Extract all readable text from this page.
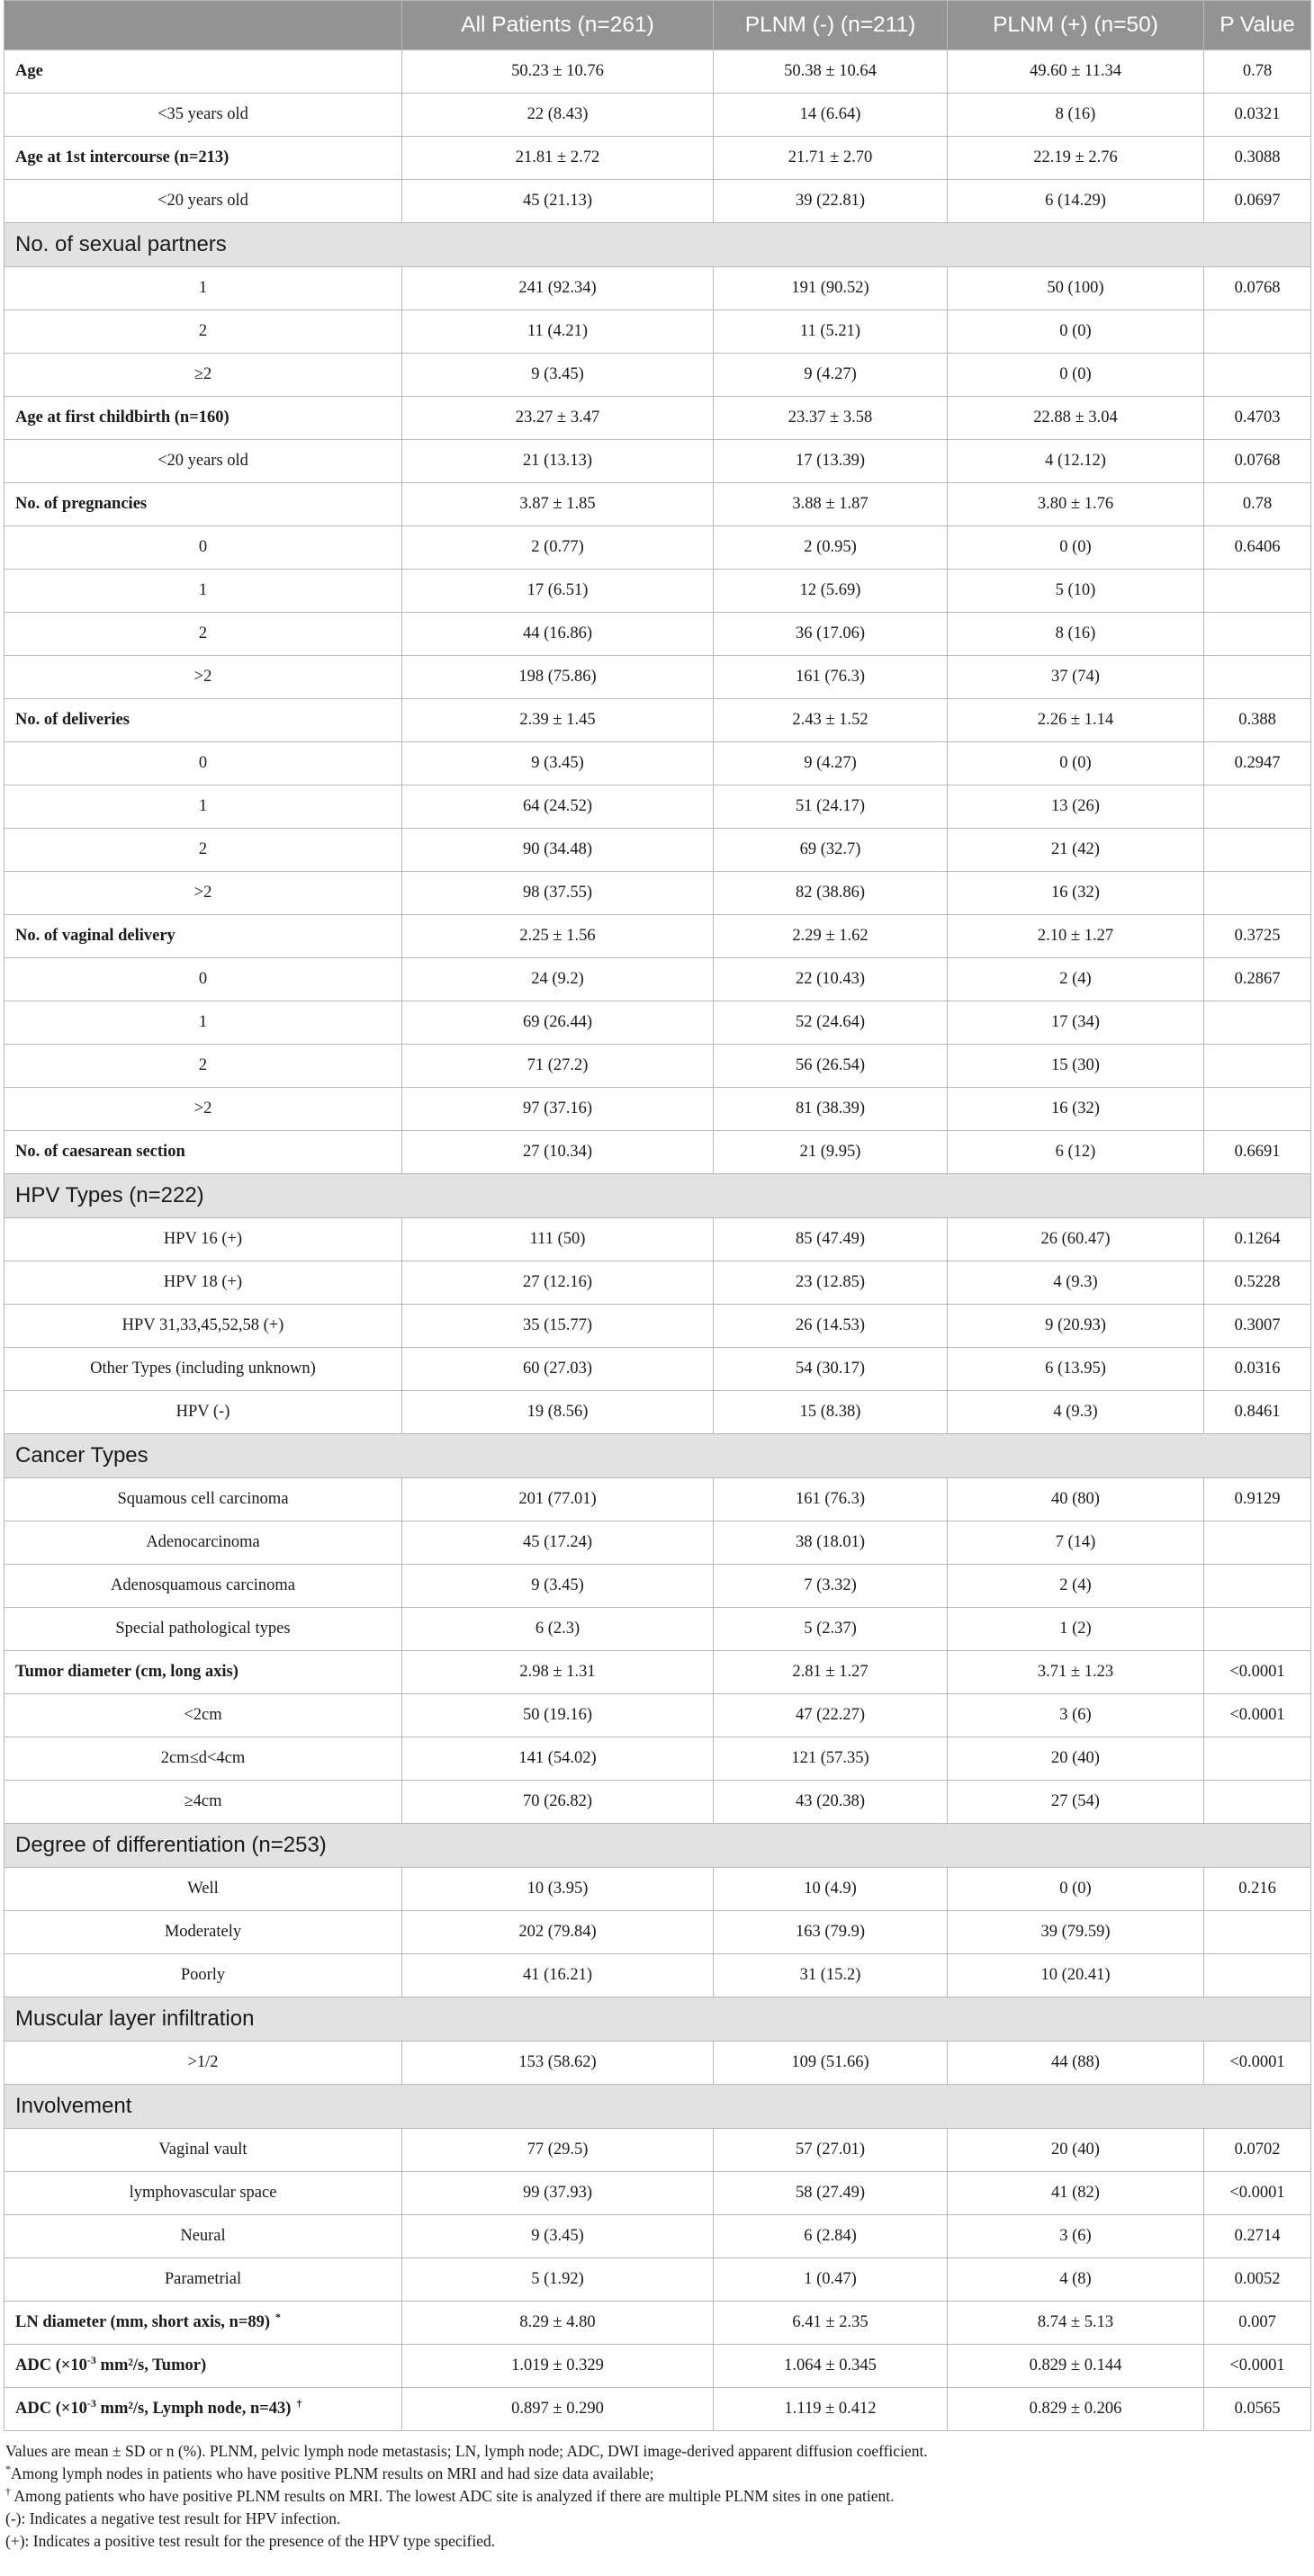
	All Patients (n=261)	PLNM (-) (n=211)	PLNM (+) (n=50)	P Value
Age	50.23 ± 10.76	50.38 ± 10.64	49.60 ± 11.34	0.78
<35 years old	22 (8.43)	14 (6.64)	8 (16)	0.0321
Age at 1st intercourse (n=213)	21.81 ± 2.72	21.71 ± 2.70	22.19 ± 2.76	0.3088
<20 years old	45 (21.13)	39 (22.81)	6 (14.29)	0.0697
No. of sexual partners				
1	241 (92.34)	191 (90.52)	50 (100)	0.0768
2	11 (4.21)	11 (5.21)	0 (0)	
≥2	9 (3.45)	9 (4.27)	0 (0)	
Age at first childbirth (n=160)	23.27 ± 3.47	23.37 ± 3.58	22.88 ± 3.04	0.4703
<20 years old	21 (13.13)	17 (13.39)	4 (12.12)	0.0768
No. of pregnancies	3.87 ± 1.85	3.88 ± 1.87	3.80 ± 1.76	0.78
0	2 (0.77)	2 (0.95)	0 (0)	0.6406
1	17 (6.51)	12 (5.69)	5 (10)	
2	44 (16.86)	36 (17.06)	8 (16)	
>2	198 (75.86)	161 (76.3)	37 (74)	
No. of deliveries	2.39 ± 1.45	2.43 ± 1.52	2.26 ± 1.14	0.388
0	9 (3.45)	9 (4.27)	0 (0)	0.2947
1	64 (24.52)	51 (24.17)	13 (26)	
2	90 (34.48)	69 (32.7)	21 (42)	
>2	98 (37.55)	82 (38.86)	16 (32)	
No. of vaginal delivery	2.25 ± 1.56	2.29 ± 1.62	2.10 ± 1.27	0.3725
0	24 (9.2)	22 (10.43)	2 (4)	0.2867
1	69 (26.44)	52 (24.64)	17 (34)	
2	71 (27.2)	56 (26.54)	15 (30)	
>2	97 (37.16)	81 (38.39)	16 (32)	
No. of caesarean section	27 (10.34)	21 (9.95)	6 (12)	0.6691
HPV Types (n=222)				
HPV 16 (+)	111 (50)	85 (47.49)	26 (60.47)	0.1264
HPV 18 (+)	27 (12.16)	23 (12.85)	4 (9.3)	0.5228
HPV 31,33,45,52,58 (+)	35 (15.77)	26 (14.53)	9 (20.93)	0.3007
Other Types (including unknown)	60 (27.03)	54 (30.17)	6 (13.95)	0.0316
HPV (-)	19 (8.56)	15 (8.38)	4 (9.3)	0.8461
Cancer Types				
Squamous cell carcinoma	201 (77.01)	161 (76.3)	40 (80)	0.9129
Adenocarcinoma	45 (17.24)	38 (18.01)	7 (14)	
Adenosquamous carcinoma	9 (3.45)	7 (3.32)	2 (4)	
Special pathological types	6 (2.3)	5 (2.37)	1 (2)	
Tumor diameter (cm, long axis)	2.98 ± 1.31	2.81 ± 1.27	3.71 ± 1.23	<0.0001
<2cm	50 (19.16)	47 (22.27)	3 (6)	<0.0001
2cm≤d<4cm	141 (54.02)	121 (57.35)	20 (40)	
≥4cm	70 (26.82)	43 (20.38)	27 (54)	
Degree of differentiation (n=253)				
Well	10 (3.95)	10 (4.9)	0 (0)	0.216
Moderately	202 (79.84)	163 (79.9)	39 (79.59)	
Poorly	41 (16.21)	31 (15.2)	10 (20.41)	
Muscular layer infiltration				
>1/2	153 (58.62)	109 (51.66)	44 (88)	<0.0001
Involvement				
Vaginal vault	77 (29.5)	57 (27.01)	20 (40)	0.0702
lymphovascular space	99 (37.93)	58 (27.49)	41 (82)	<0.0001
Neural	9 (3.45)	6 (2.84)	3 (6)	0.2714
Parametrial	5 (1.92)	1 (0.47)	4 (8)	0.0052
LN diameter (mm, short axis, n=89) *	8.29 ± 4.80	6.41 ± 2.35	8.74 ± 5.13	0.007
ADC ($\times 10^{-3}$ mm²/s, Tumor)	1.019 ± 0.329	1.064 ± 0.345	0.829 ± 0.144	<0.0001
ADC ($\times 10^{-3}$ mm²/s, Lymph node, n=43) †	0.897 ± 0.290	1.119 ± 0.412	0.829 ± 0.206	0.0565
Values are mean ± SD or n (%). PLNM, pelvic lymph node metastasis; LN, lymph node; ADC, DWI image-derived apparent diffusion coefficient.
*Among lymph nodes in patients who have positive PLNM results on MRI and had size data available;
† Among patients who have positive PLNM results on MRI. The lowest ADC site is analyzed if there are multiple PLNM sites in one patient.
(-): Indicates a negative test result for HPV infection.
(+): Indicates a positive test result for the presence of the HPV type specified.
